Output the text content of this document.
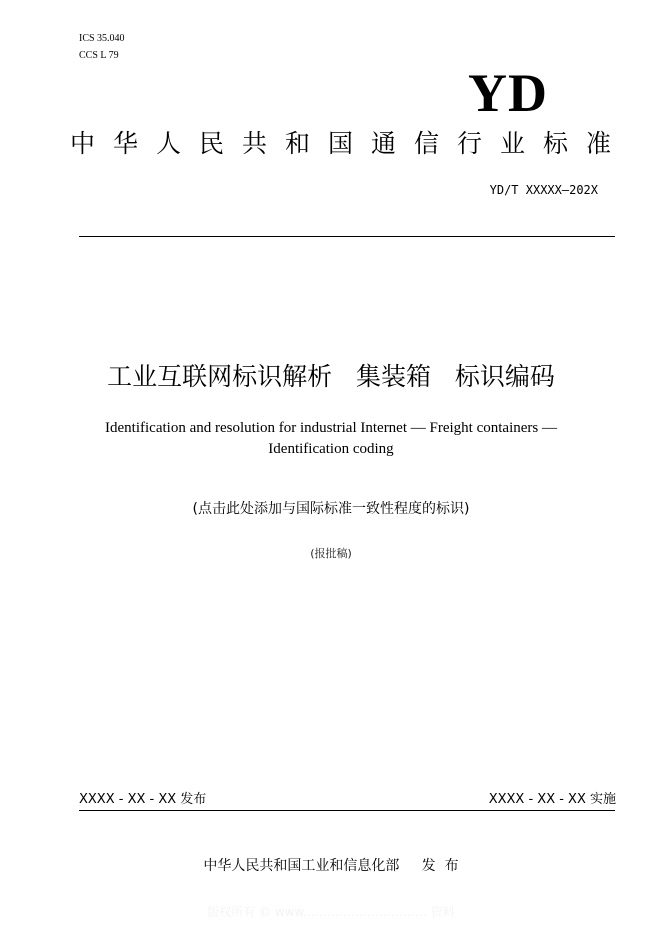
ICS 35.040
CCS L 79
YD
中华人民共和国通信行业标准
YD/T XXXXX—202X
工业互联网标识解析   集装箱   标识编码
Identification and resolution for industrial Internet — Freight containers —
Identification coding
(点击此处添加与国际标准一致性程度的标识)
(报批稿)
XXXX - XX - XX 发布	XXXX - XX - XX 实施
中华人民共和国工业和信息化部     发  布
版权所有 © www.………………………… 资料
